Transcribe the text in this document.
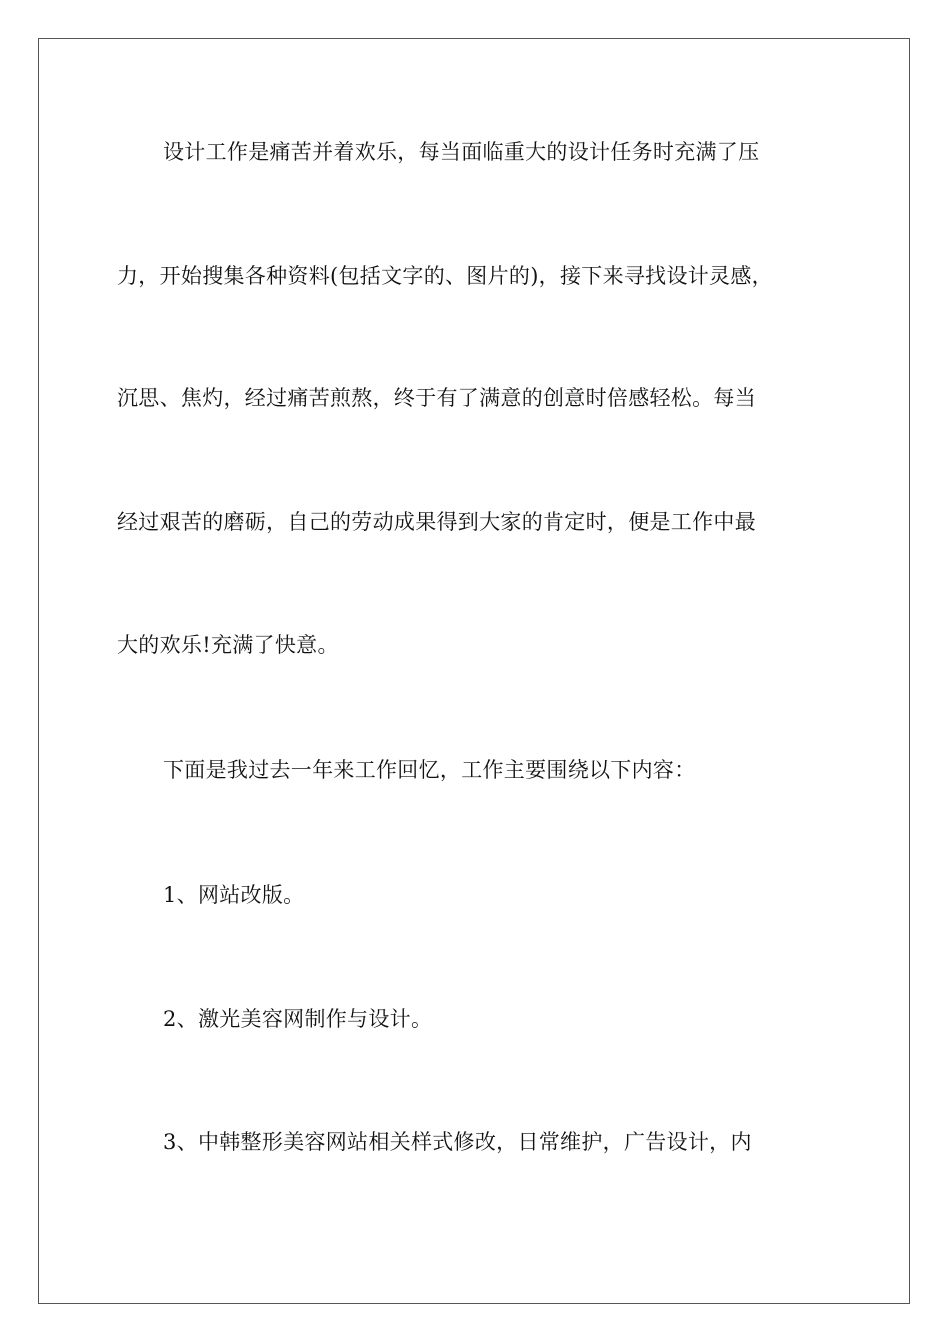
设计工作是痛苦并着欢乐，每当面临重大的设计任务时充满了压
力，开始搜集各种资料(包括文字的、图片的)，接下来寻找设计灵感，
沉思、焦灼，经过痛苦煎熬，终于有了满意的创意时倍感轻松。每当
经过艰苦的磨砺，自己的劳动成果得到大家的肯定时，便是工作中最
大的欢乐!充满了快意。
下面是我过去一年来工作回忆，工作主要围绕以下内容：
1、网站改版。
2、激光美容网制作与设计。
3、中韩整形美容网站相关样式修改，日常维护，广告设计，内
